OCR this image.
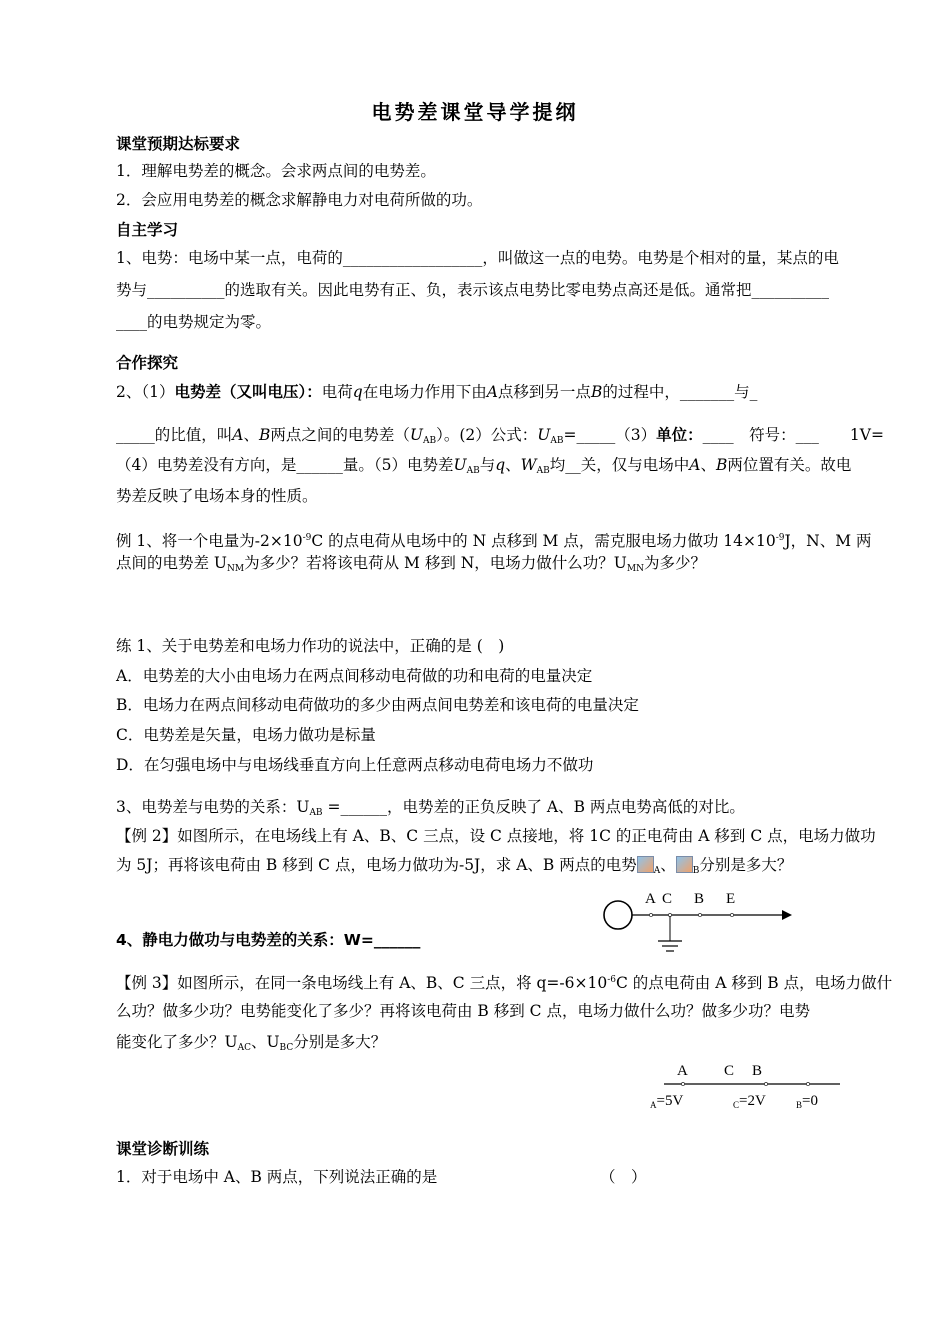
电势差课堂导学提纲
课堂预期达标要求
1．理解电势差的概念。会求两点间的电势差。
2．会应用电势差的概念求解静电力对电荷所做的功。
自主学习
1、电势：电场中某一点，电荷的__________________，叫做这一点的电势。电势是个相对的量，某点的电
势与__________的选取有关。因此电势有正、负，表示该点电势比零电势点高还是低。通常把__________
____的电势规定为零。
合作探究
2、（1）电势差（又叫电压）：电荷q在电场力作用下由A点移到另一点B的过程中，_______与_
_____的比值，叫A、B两点之间的电势差$(U_{AB})$。(2）公式：$U_{AB}=\_\_\_\_\_(3)$单位：____　 符号：___　　 1V=
（4）电势差没有方向，是______量。（5）电势差$U_{AB}$与q、$W_{AB}$均__关，仅与电场中A、B两位置有关。故电
势差反映了电场本身的性质。
例 1、将一个电量为$-2\times 10^{-9}C$ 的点电荷从电场中的 N 点移到 M 点，需克服电场力做功 $14\times 10^{-9}J$，N、M 两
点间的电势差 $U_{NM}$为多少？若将该电荷从 M 移到 N，电场力做什么功？$U_{MN}$为多少？
练 1、关于电势差和电场力作功的说法中，正确的是 (　)
A．电势差的大小由电场力在两点间移动电荷做的功和电荷的电量决定
B．电场力在两点间移动电荷做功的多少由两点间电势差和该电荷的电量决定
C．电势差是矢量，电场力做功是标量
D．在匀强电场中与电场线垂直方向上任意两点移动电荷电场力不做功
3、电势差与电势的关系：$U_{AB}$ =______，电势差的正负反映了 A、B 两点电势高低的对比。
【例 2】如图所示，在电场线上有 A、B、C 三点，设 C 点接地，将 1C 的正电荷由 A 移到 C 点，电场力做功
为 5J；再将该电荷由 B 移到 C 点，电场力做功为-5J，求 A、B 两点的电势 $_A$、 $_B$分别是多大？
A C B E
4、静电力做功与电势差的关系：W=______
【例 3】如图所示，在同一条电场线上有 A、B、C 三点，将 $q=-6\times 10^{-6}C$ 的点电荷由 A 移到 B 点，电场力做什
么功？做多少功？电势能变化了多少？再将该电荷由 B 移到 C 点，电场力做什么功？做多少功？电势
能变化了多少？$U_{AC}$、$U_{BC}$分别是多大？
A C B
$_A$=5V	$_C$=2V	$_B$=0
课堂诊断训练
1．对于电场中 A、B 两点，下列说法正确的是	（　）
